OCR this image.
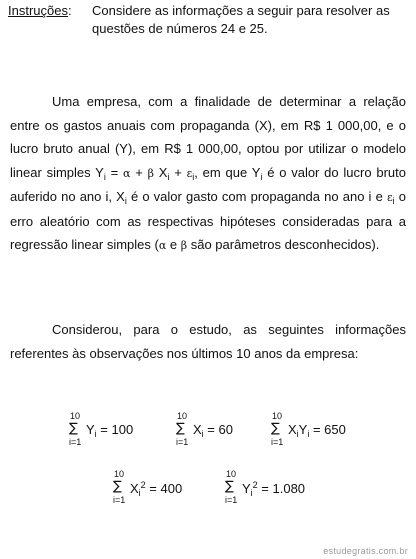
Instruções:	Considere as informações a seguir para resolver as questões de números 24 e 25.
Uma empresa, com a finalidade de determinar a relação entre os gastos anuais com propaganda (X), em R$ 1 000,00, e o lucro bruto anual (Y), em R$ 1 000,00, optou por utilizar o modelo linear simples $Y_i = \alpha + \beta$ $X_i + \varepsilon_i$, em que $Y_i$ é o valor do lucro bruto auferido no ano i, $X_i$ é o valor gasto com propaganda no ano i e $\varepsilon_i$ o erro aleatório com as respectivas hipóteses consideradas para a regressão linear simples (α e β são parâmetros desconhecidos).
Considerou, para o estudo, as seguintes informações referentes às observações nos últimos 10 anos da empresa:
10
∑
i=1
$Y_i = 100$
10
∑
i=1
$X_i = 60$
10
∑
i=1
$X_iY_i = 650$
10
∑
i=1
$X_i^2 = 400$
10
∑
i=1
$Y_i^2 = 1.080$
estudegratis.com.br
